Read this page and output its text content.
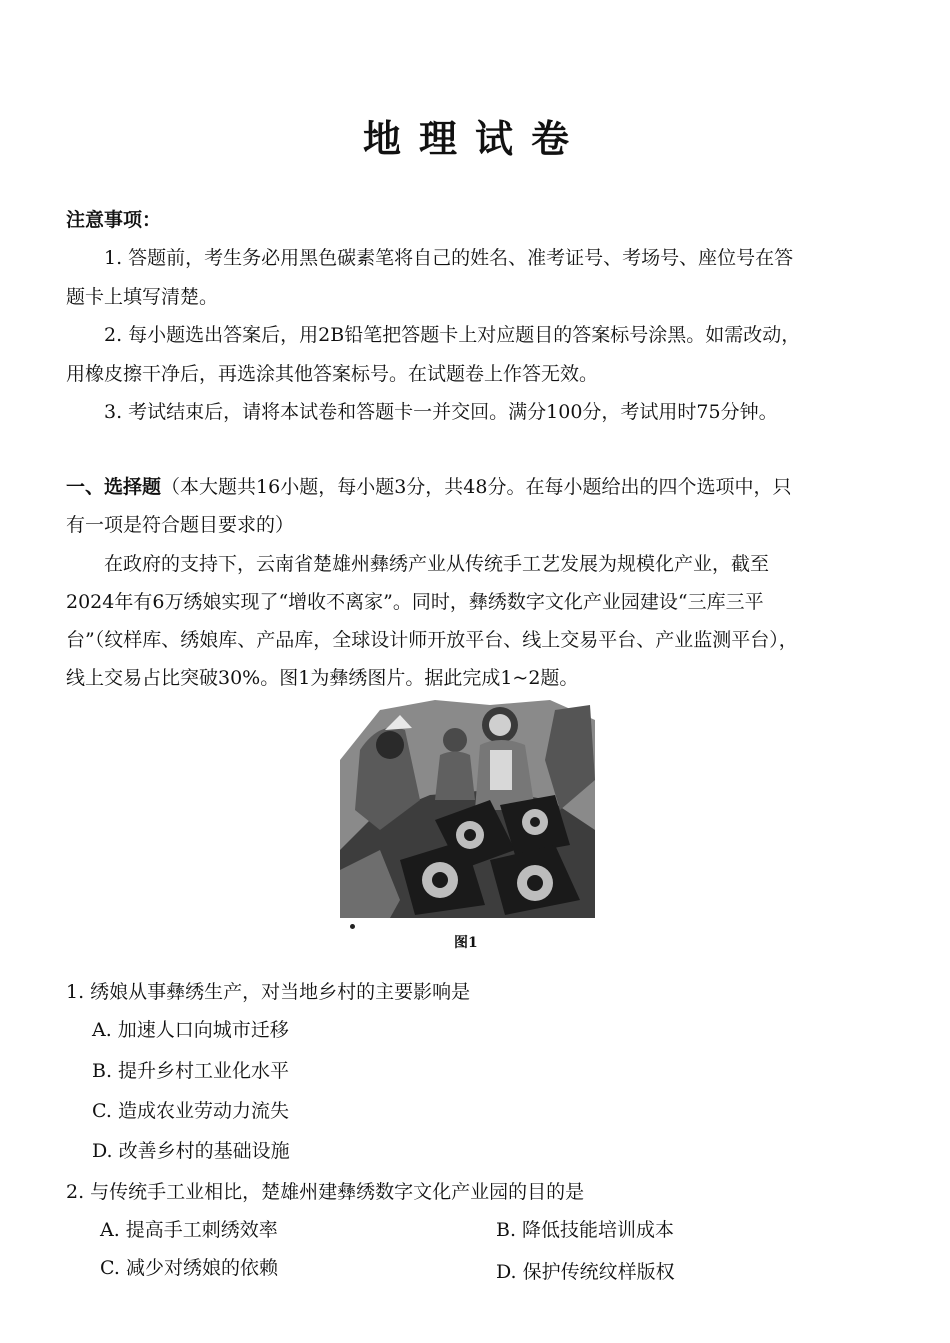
地理试卷
注意事项：
1. 答题前，考生务必用黑色碳素笔将自己的姓名、准考证号、考场号、座位号在答
题卡上填写清楚。
2. 每小题选出答案后，用2B铅笔把答题卡上对应题目的答案标号涂黑。如需改动，
用橡皮擦干净后，再选涂其他答案标号。在试题卷上作答无效。
3. 考试结束后，请将本试卷和答题卡一并交回。满分100分，考试用时75分钟。
一、选择题（本大题共16小题，每小题3分，共48分。在每小题给出的四个选项中，只
有一项是符合题目要求的）
在政府的支持下，云南省楚雄州彝绣产业从传统手工艺发展为规模化产业，截至
2024年有6万绣娘实现了“增收不离家”。同时，彝绣数字文化产业园建设“三库三平
台”（纹样库、绣娘库、产品库，全球设计师开放平台、线上交易平台、产业监测平台），
线上交易占比突破30%。图1为彝绣图片。据此完成1~2题。
图1
1. 绣娘从事彝绣生产，对当地乡村的主要影响是
A. 加速人口向城市迁移
B. 提升乡村工业化水平
C. 造成农业劳动力流失
D. 改善乡村的基础设施
2. 与传统手工业相比，楚雄州建彝绣数字文化产业园的目的是
A. 提高手工刺绣效率	B. 降低技能培训成本
C. 减少对绣娘的依赖	D. 保护传统纹样版权
